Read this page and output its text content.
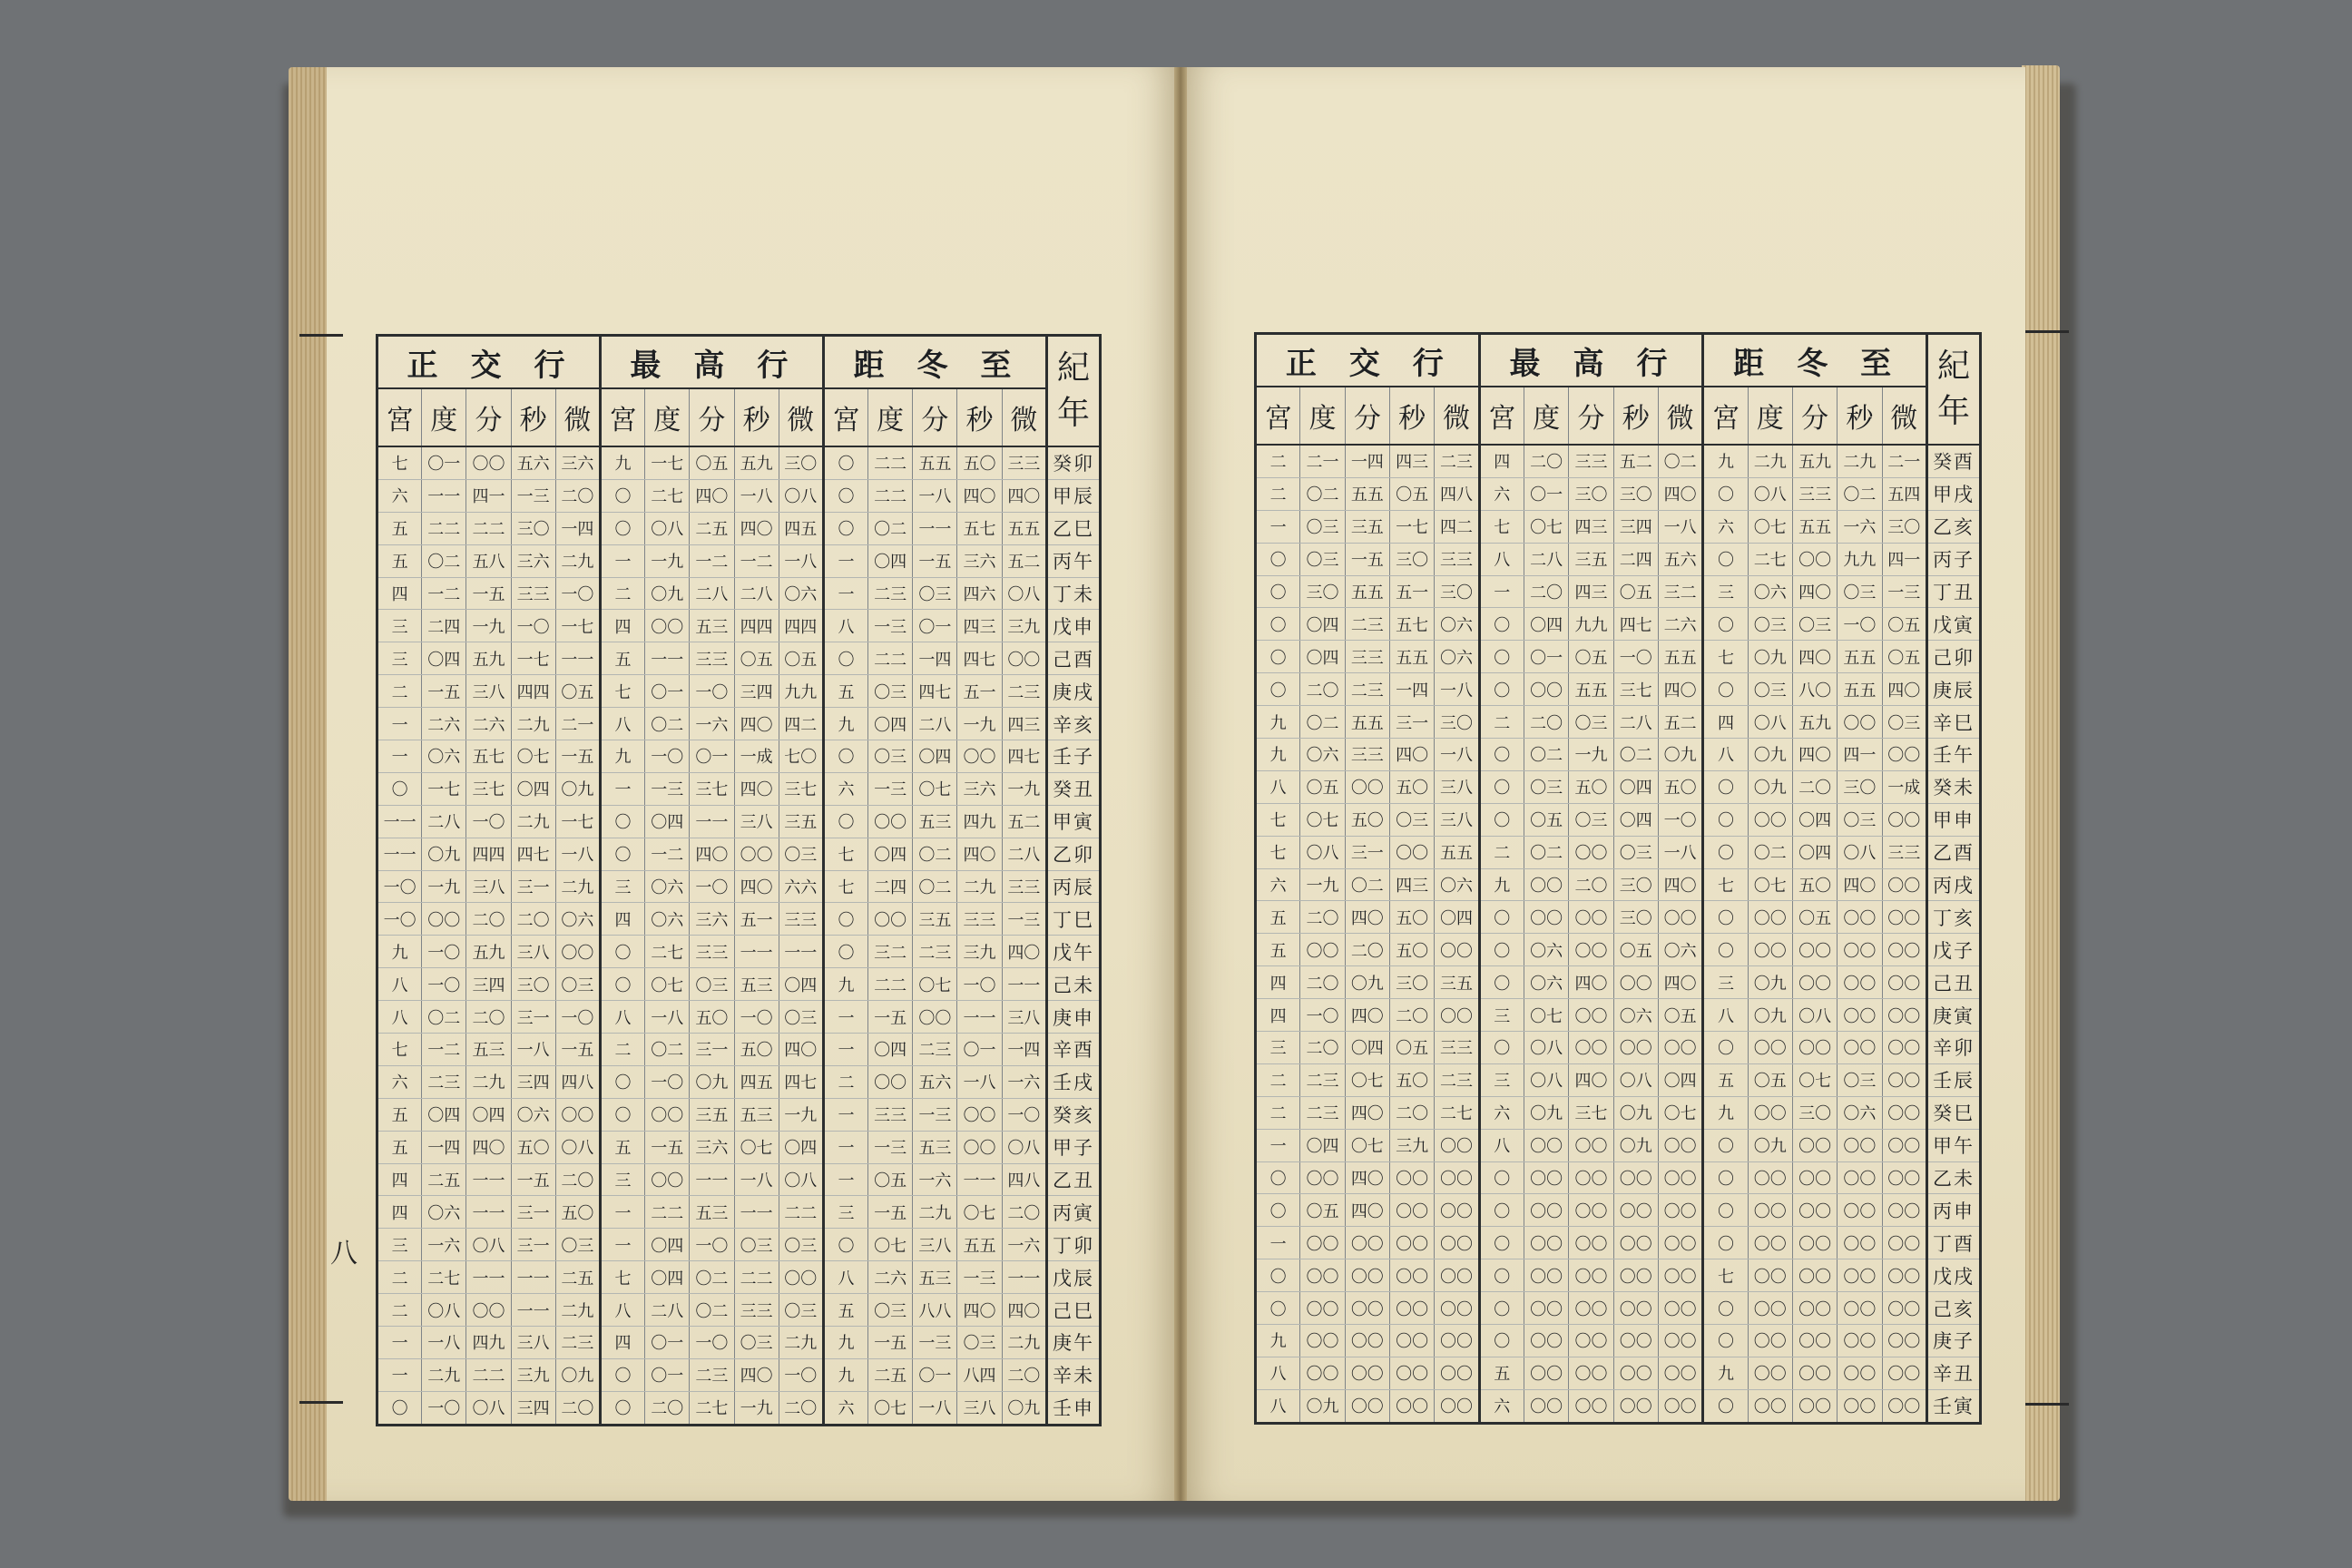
八
正交行					最高行					距冬至					紀年
宮	度	分	秒	微	宮	度	分	秒	微	宮	度	分	秒	微	
七	〇一	〇〇	五六	三六	九	一七	〇五	五九	三〇	〇	二二	五五	五〇	三三	癸卯
六	一一	四一	一三	二〇	〇	二七	四〇	一八	〇八	〇	二二	一八	四〇	四〇	甲辰
五	二二	二二	三〇	一四	〇	〇八	二五	四〇	四五	〇	〇二	一一	五七	五五	乙巳
五	〇二	五八	三六	二九	一	一九	一二	一二	一八	一	〇四	一五	三六	五二	丙午
四	一二	一五	三三	一〇	二	〇九	二八	二八	〇六	一	二三	〇三	四六	〇八	丁未
三	二四	一九	一〇	一七	四	〇〇	五三	四四	四四	八	一三	〇一	四三	三九	戊申
三	〇四	五九	一七	一一	五	一一	三三	〇五	〇五	〇	二二	一四	四七	〇〇	己酉
二	一五	三八	四四	〇五	七	〇一	一〇	三四	九九	五	〇三	四七	五一	二三	庚戌
一	二六	二六	二九	二一	八	〇二	一六	四〇	四二	九	〇四	二八	一九	四三	辛亥
一	〇六	五七	〇七	一五	九	一〇	〇一	一成	七〇	〇	〇三	〇四	〇〇	四七	壬子
〇	一七	三七	〇四	〇九	一	一三	三七	四〇	三七	六	一三	〇七	三六	一九	癸丑
一一	二八	一〇	二九	一七	〇	〇四	一一	三八	三五	〇	〇〇	五三	四九	五二	甲寅
一一	〇九	四四	四七	一八	〇	一二	四〇	〇〇	〇三	七	〇四	〇二	四〇	二八	乙卯
一〇	一九	三八	三一	二九	三	〇六	一〇	四〇	六六	七	二四	〇二	二九	三三	丙辰
一〇	〇〇	二〇	二〇	〇六	四	〇六	三六	五一	三三	〇	〇〇	三五	三三	一三	丁巳
九	一〇	五九	三八	〇〇	〇	二七	三三	一一	一一	〇	三二	二三	三九	四〇	戊午
八	一〇	三四	三〇	〇三	〇	〇七	〇三	五三	〇四	九	二二	〇七	一〇	一一	己未
八	〇二	二〇	三一	一〇	八	一八	五〇	一〇	〇三	一	一五	〇〇	一一	三八	庚申
七	一二	五三	一八	一五	二	〇二	三一	五〇	四〇	一	〇四	二三	〇一	一四	辛酉
六	二三	二九	三四	四八	〇	一〇	〇九	四五	四七	二	〇〇	五六	一八	一六	壬戌
五	〇四	〇四	〇六	〇〇	〇	〇〇	三五	五三	一九	一	三三	一三	〇〇	一〇	癸亥
五	一四	四〇	五〇	〇八	五	一五	三六	〇七	〇四	一	一三	五三	〇〇	〇八	甲子
四	二五	一一	一五	二〇	三	〇〇	一一	一八	〇八	一	〇五	一六	一一	四八	乙丑
四	〇六	一一	三一	五〇	一	二二	五三	一一	二二	三	一五	二九	〇七	二〇	丙寅
三	一六	〇八	三一	〇三	一	〇四	一〇	〇三	〇三	〇	〇七	三八	五五	一六	丁卯
二	二七	一一	一一	二五	七	〇四	〇二	二二	〇〇	八	二六	五三	一三	一一	戊辰
二	〇八	〇〇	一一	二九	八	二八	〇二	三三	〇三	五	〇三	八八	四〇	四〇	己巳
一	一八	四九	三八	二三	四	〇一	一〇	〇三	二九	九	一五	一三	〇三	二九	庚午
一	二九	二二	三九	〇九	〇	〇一	二三	四〇	一〇	九	二五	〇一	八四	二〇	辛未
〇	一〇	〇八	三四	二〇	〇	二〇	二七	一九	二〇	六	〇七	一八	三八	〇九	壬申
正交行					最高行					距冬至					紀年
宮	度	分	秒	微	宮	度	分	秒	微	宮	度	分	秒	微	
二	二一	一四	四三	二三	四	二〇	三三	五二	〇二	九	二九	五九	二九	二一	癸酉
二	〇二	五五	〇五	四八	六	〇一	三〇	三〇	四〇	〇	〇八	三三	〇二	五四	甲戌
一	〇三	三五	一七	四二	七	〇七	四三	三四	一八	六	〇七	五五	一六	三〇	乙亥
〇	〇三	一五	三〇	三三	八	二八	三五	二四	五六	〇	二七	〇〇	九九	四一	丙子
〇	三〇	五五	五一	三〇	一	二〇	四三	〇五	三二	三	〇六	四〇	〇三	一三	丁丑
〇	〇四	二三	五七	〇六	〇	〇四	九九	四七	二六	〇	〇三	〇三	一〇	〇五	戊寅
〇	〇四	三三	五五	〇六	〇	〇一	〇五	一〇	五五	七	〇九	四〇	五五	〇五	己卯
〇	二〇	二三	一四	一八	〇	〇〇	五五	三七	四〇	〇	〇三	八〇	五五	四〇	庚辰
九	〇二	五五	三一	三〇	二	二〇	〇三	二八	五二	四	〇八	五九	〇〇	〇三	辛巳
九	〇六	三三	四〇	一八	〇	〇二	一九	〇二	〇九	八	〇九	四〇	四一	〇〇	壬午
八	〇五	〇〇	五〇	三八	〇	〇三	五〇	〇四	五〇	〇	〇九	二〇	三〇	一成	癸未
七	〇七	五〇	〇三	三八	〇	〇五	〇三	〇四	一〇	〇	〇〇	〇四	〇三	〇〇	甲申
七	〇八	三一	〇〇	五五	二	〇二	〇〇	〇三	一八	〇	〇二	〇四	〇八	三三	乙酉
六	一九	〇二	四三	〇六	九	〇〇	二〇	三〇	四〇	七	〇七	五〇	四〇	〇〇	丙戌
五	二〇	四〇	五〇	〇四	〇	〇〇	〇〇	三〇	〇〇	〇	〇〇	〇五	〇〇	〇〇	丁亥
五	〇〇	二〇	五〇	〇〇	〇	〇六	〇〇	〇五	〇六	〇	〇〇	〇〇	〇〇	〇〇	戊子
四	二〇	〇九	三〇	三五	〇	〇六	四〇	〇〇	四〇	三	〇九	〇〇	〇〇	〇〇	己丑
四	一〇	四〇	二〇	〇〇	三	〇七	〇〇	〇六	〇五	八	〇九	〇八	〇〇	〇〇	庚寅
三	二〇	〇四	〇五	三三	〇	〇八	〇〇	〇〇	〇〇	〇	〇〇	〇〇	〇〇	〇〇	辛卯
二	二三	〇七	五〇	二三	三	〇八	四〇	〇八	〇四	五	〇五	〇七	〇三	〇〇	壬辰
二	二三	四〇	二〇	二七	六	〇九	三七	〇九	〇七	九	〇〇	三〇	〇六	〇〇	癸巳
一	〇四	〇七	三九	〇〇	八	〇〇	〇〇	〇九	〇〇	〇	〇九	〇〇	〇〇	〇〇	甲午
〇	〇〇	四〇	〇〇	〇〇	〇	〇〇	〇〇	〇〇	〇〇	〇	〇〇	〇〇	〇〇	〇〇	乙未
〇	〇五	四〇	〇〇	〇〇	〇	〇〇	〇〇	〇〇	〇〇	〇	〇〇	〇〇	〇〇	〇〇	丙申
一	〇〇	〇〇	〇〇	〇〇	〇	〇〇	〇〇	〇〇	〇〇	〇	〇〇	〇〇	〇〇	〇〇	丁酉
〇	〇〇	〇〇	〇〇	〇〇	〇	〇〇	〇〇	〇〇	〇〇	七	〇〇	〇〇	〇〇	〇〇	戊戌
〇	〇〇	〇〇	〇〇	〇〇	〇	〇〇	〇〇	〇〇	〇〇	〇	〇〇	〇〇	〇〇	〇〇	己亥
九	〇〇	〇〇	〇〇	〇〇	〇	〇〇	〇〇	〇〇	〇〇	〇	〇〇	〇〇	〇〇	〇〇	庚子
八	〇〇	〇〇	〇〇	〇〇	五	〇〇	〇〇	〇〇	〇〇	九	〇〇	〇〇	〇〇	〇〇	辛丑
八	〇九	〇〇	〇〇	〇〇	六	〇〇	〇〇	〇〇	〇〇	〇	〇〇	〇〇	〇〇	〇〇	壬寅
